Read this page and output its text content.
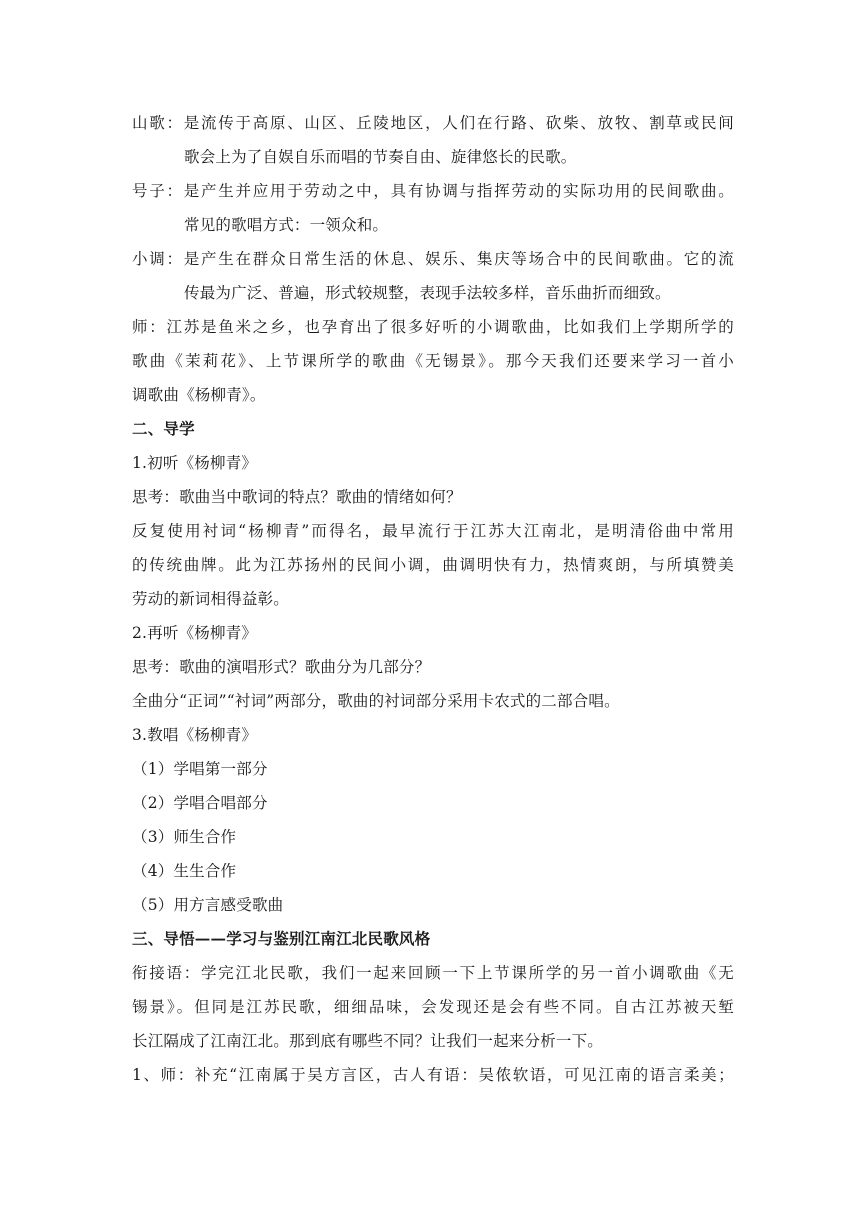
山歌：是流传于高原、山区、丘陵地区，人们在行路、砍柴、放牧、割草或民间
歌会上为了自娱自乐而唱的节奏自由、旋律悠长的民歌。
号子：是产生并应用于劳动之中，具有协调与指挥劳动的实际功用的民间歌曲。
常见的歌唱方式：一领众和。
小调：是产生在群众日常生活的休息、娱乐、集庆等场合中的民间歌曲。它的流
传最为广泛、普遍，形式较规整，表现手法较多样，音乐曲折而细致。
师：江苏是鱼米之乡，也孕育出了很多好听的小调歌曲，比如我们上学期所学的
歌曲《茉莉花》、上节课所学的歌曲《无锡景》。那今天我们还要来学习一首小
调歌曲《杨柳青》。
二、导学
1.初听《杨柳青》
思考：歌曲当中歌词的特点？歌曲的情绪如何？
反复使用衬词“杨柳青”而得名，最早流行于江苏大江南北，是明清俗曲中常用
的传统曲牌。此为江苏扬州的民间小调，曲调明快有力，热情爽朗，与所填赞美
劳动的新词相得益彰。
2.再听《杨柳青》
思考：歌曲的演唱形式？歌曲分为几部分？
全曲分“正词”“衬词”两部分，歌曲的衬词部分采用卡农式的二部合唱。
3.教唱《杨柳青》
（1）学唱第一部分
（2）学唱合唱部分
（3）师生合作
（4）生生合作
（5）用方言感受歌曲
三、导悟——学习与鉴别江南江北民歌风格
衔接语：学完江北民歌，我们一起来回顾一下上节课所学的另一首小调歌曲《无
锡景》。但同是江苏民歌，细细品味，会发现还是会有些不同。自古江苏被天堑
长江隔成了江南江北。那到底有哪些不同？让我们一起来分析一下。
1、师：补充“江南属于吴方言区，古人有语：吴侬软语，可见江南的语言柔美；
